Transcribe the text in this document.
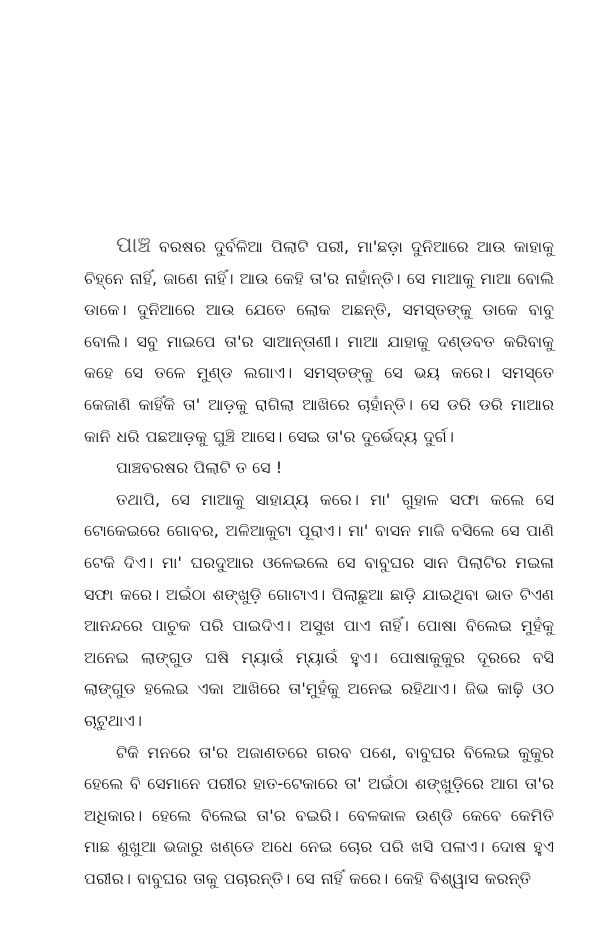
ପାଞ୍ଚ ବରଷର ଦୁର୍ବଳିଆ ପିଲାଟି ପରୀ, ମା'ଛଡ଼ା ଦୁନିଆରେ ଆଉ କାହାକୁ ଚିହ୍ନେ ନାହିଁ, ଜାଣେ ନାହିଁ। ଆଉ କେହି ତା'ର ନାହାଁନ୍ତି। ସେ ମାଆକୁ ମାଆ ବୋଲି ଡାକେ। ଦୁନିଆରେ ଆଉ ଯେତେ ଲୋକ ଅଛନ୍ତି, ସମସ୍ତଙ୍କୁ ଡାକେ ବାବୁ ବୋଲି। ସବୁ ମାଇପେ ତା'ର ସାଆନ୍ତାଣୀ। ମାଆ ଯାହାକୁ ଦଣ୍ଡବତ କରିବାକୁ କହେ ସେ ତଳେ ମୁଣ୍ଡ ଲଗାଏ। ସମସ୍ତଙ୍କୁ ସେ ଭୟ କରେ। ସମସ୍ତେ କେଜାଣି କାହିଁକି ତା' ଆଡ଼କୁ ରାଗିଲା ଆଖିରେ ଚାହାଁନ୍ତି। ସେ ଡରି ଡରି ମାଆର କାନି ଧରି ପଛଆଡ଼କୁ ଘୁଞ୍ଚି ଆସେ। ସେଇ ତା'ର ଦୁର୍ଭେଦ୍ୟ ଦୁର୍ଗ।

ପାଞ୍ଚବରଷର ପିଲାଟି ତ ସେ !

ତଥାପି, ସେ ମାଆକୁ ସାହାଯ୍ୟ କରେ। ମା' ଗୁହାଳ ସଫା କଲେ ସେ ଟୋକେଇରେ ଗୋବର, ଅଳିଆକୁଟା ପୂରାଏ। ମା' ବାସନ ମାଜି ବସିଲେ ସେ ପାଣି ଟେକି ଦିଏ। ମା' ଘରଦୁଆର ଓଳେଇଲେ ସେ ବାବୁଘର ସାନ ପିଲାଟିର ମଇଳା ସଫା କରେ। ଅଇଁଠା ଶଙ୍ଖୁଡ଼ି ଗୋଟାଏ। ପିଲାଛୁଆ ଛାଡ଼ି ଯାଇଥିବା ଭାତ ଟିଏଣ ଆନନ୍ଦରେ ପାଚୁକ ପରି ପାଇଦିଏ। ଅସୁଖ ପାଏ ନାହିଁ। ପୋଷା ବିଲେଇ ମୁହଁକୁ ଅନେଇ ଲାଙ୍ଗୁଡ ଘଷି ମ୍ୟାଉଁ ମ୍ୟାଉଁ ହୁଏ। ପୋଷାକୁକୁର ଦୂରରେ ବସି ଲାଙ୍ଗୁଡ ହଲେଇ ଏକା ଆଖିରେ ତା'ମୁହଁକୁ ଅନେଇ ରହିଥାଏ। ଜିଭ କାଢ଼ି ଓଠ ଚାଟୁଥାଏ।

ଟିକି ମନରେ ତା'ର ଅଜାଣତରେ ଗରବ ପଶେ, ବାବୁଘର ବିଲେଇ କୁକୁର ହେଲେ ବି ସେମାନେ ପରୀର ହାତ-ଟେକାରେ ତା' ଅଇଁଠା ଶଙ୍ଖୁଡ଼ିରେ ଆଗ ତା'ର ଅଧିକାର। ହେଲେ ବିଲେଇ ତା'ର ବଇରି। ବେଳକାଳ ଉଣ୍ଡି କେବେ କେମିତି ମାଛ ଶୁଖୁଆ ଭଜାରୁ ଖଣ୍ଡେ ଅଧେ ନେଇ ଚୋର ପରି ଖସି ପଳାଏ। ଦୋଷ ହୁଏ ପରୀର। ବାବୁଘର ତାକୁ ପଚାରନ୍ତି। ସେ ନାହିଁ କରେ। କେହି ବିଶ୍ୱାସ କରନ୍ତି
